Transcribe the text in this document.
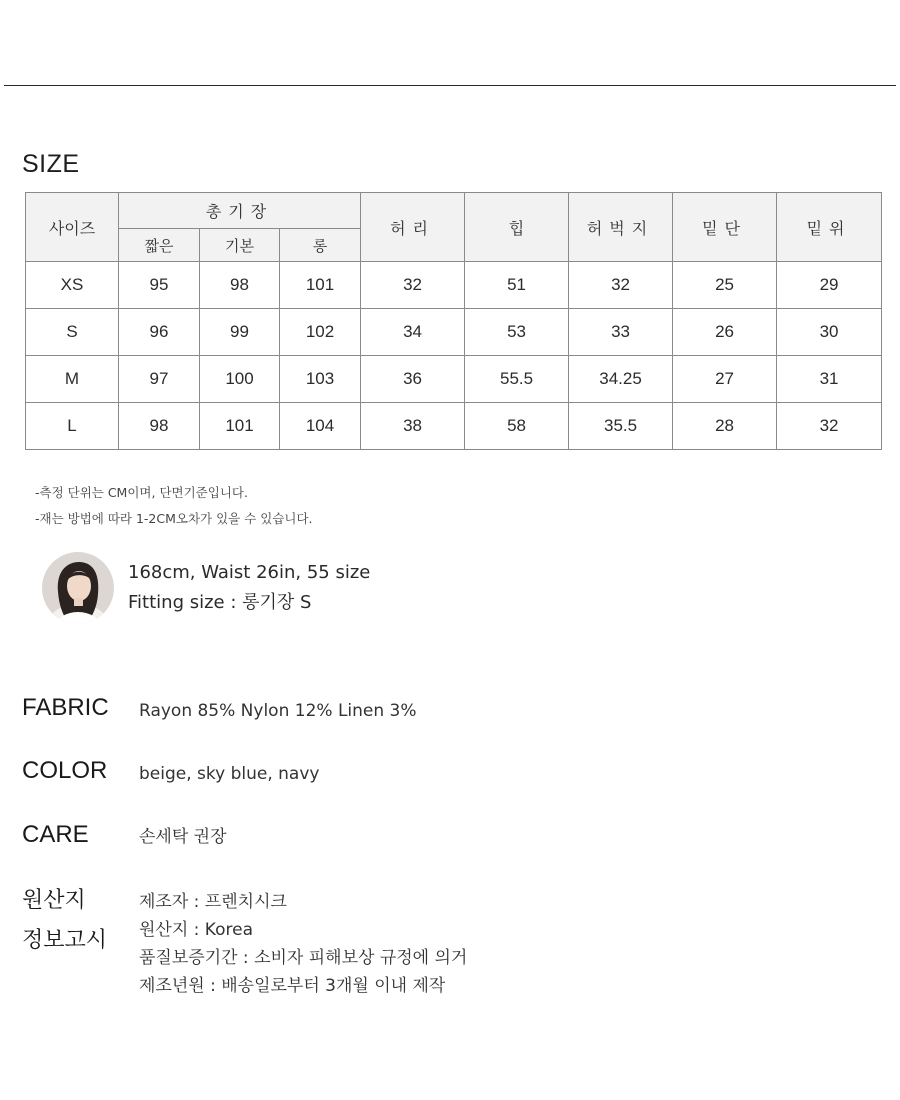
SIZE
사이즈	총기장			허리	힙	허벅지	밑단	밑위
	짧은	기본	롱					
XS	95	98	101	32	51	32	25	29
S	96	99	102	34	53	33	26	30
M	97	100	103	36	55.5	34.25	27	31
L	98	101	104	38	58	35.5	28	32
-측정 단위는 CM이며, 단면기준입니다.
-재는 방법에 따라 1-2CM오차가 있을 수 있습니다.
168cm, Waist 26in, 55 size
Fitting size : 롱기장 S
FABRIC Rayon 85% Nylon 12% Linen 3%
COLOR beige, sky blue, navy
CARE	손세탁 권장
원산지
정보고시
제조자 : 프렌치시크
원산지 : Korea
품질보증기간 : 소비자 피해보상 규정에 의거
제조년원 : 배송일로부터 3개월 이내 제작
